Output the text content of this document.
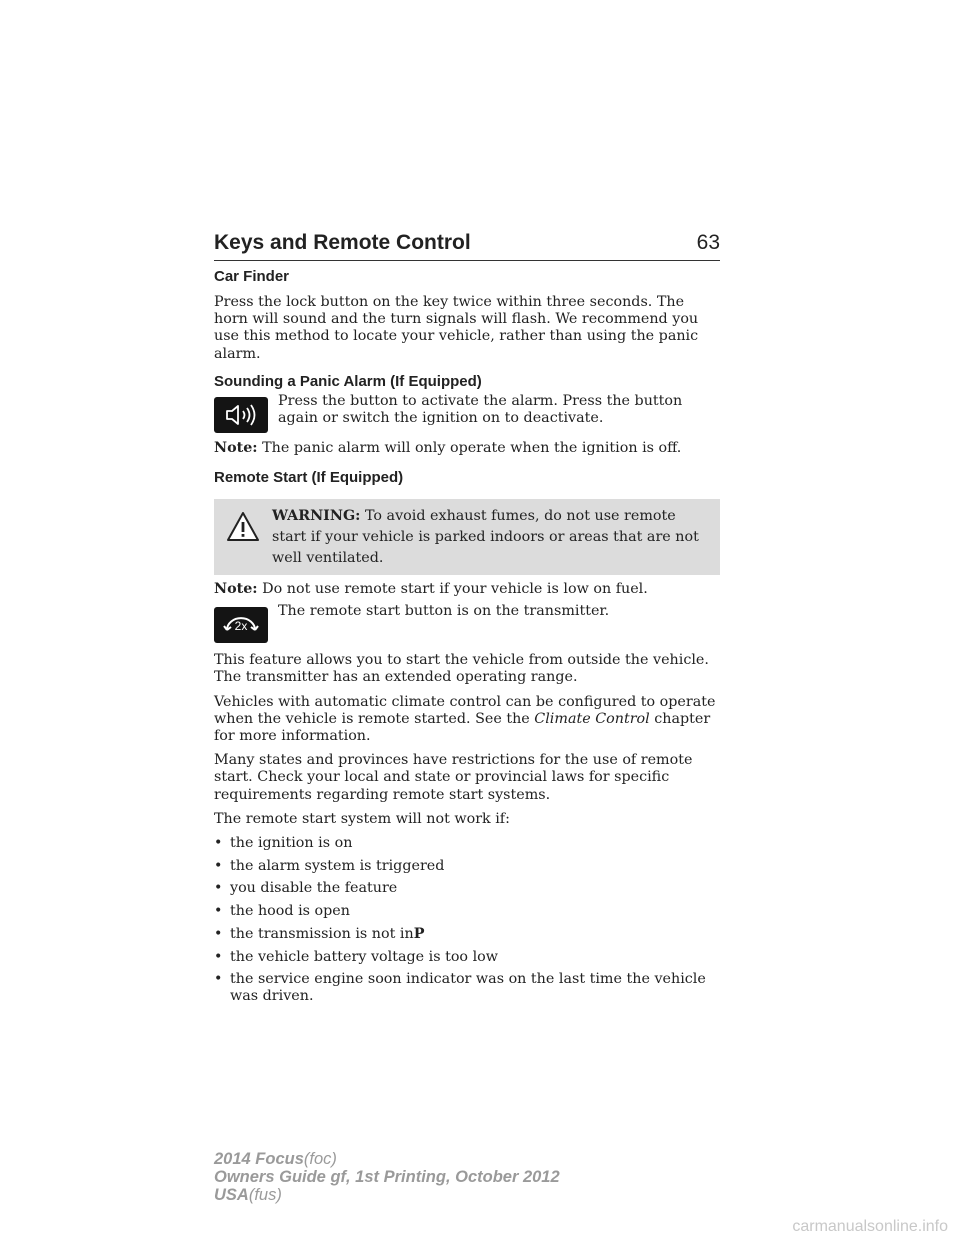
Keys and Remote Control	63
Car Finder

Press the lock button on the key twice within three seconds. The horn will sound and the turn signals will flash. We recommend you use this method to locate your vehicle, rather than using the panic alarm.

Sounding a Panic Alarm (If Equipped)

Press the button to activate the alarm. Press the button again or switch the ignition on to deactivate.

Note: The panic alarm will only operate when the ignition is off.

Remote Start (If Equipped)
WARNING: To avoid exhaust fumes, do not use remote start if your vehicle is parked indoors or areas that are not well ventilated.

Note: Do not use remote start if your vehicle is low on fuel.

2x

The remote start button is on the transmitter.

This feature allows you to start the vehicle from outside the vehicle. The transmitter has an extended operating range.

Vehicles with automatic climate control can be configured to operate when the vehicle is remote started. See the Climate Control chapter for more information.

Many states and provinces have restrictions for the use of remote start. Check your local and state or provincial laws for specific requirements regarding remote start systems.

The remote start system will not work if:

• the ignition is on
• the alarm system is triggered
• you disable the feature
• the hood is open
• the transmission is not inP
• the vehicle battery voltage is too low
• the service engine soon indicator was on the last time the vehicle was driven.
2014 Focus(foc)
Owners Guide gf, 1st Printing, October 2012
USA(fus)
carmanualsonline.info
